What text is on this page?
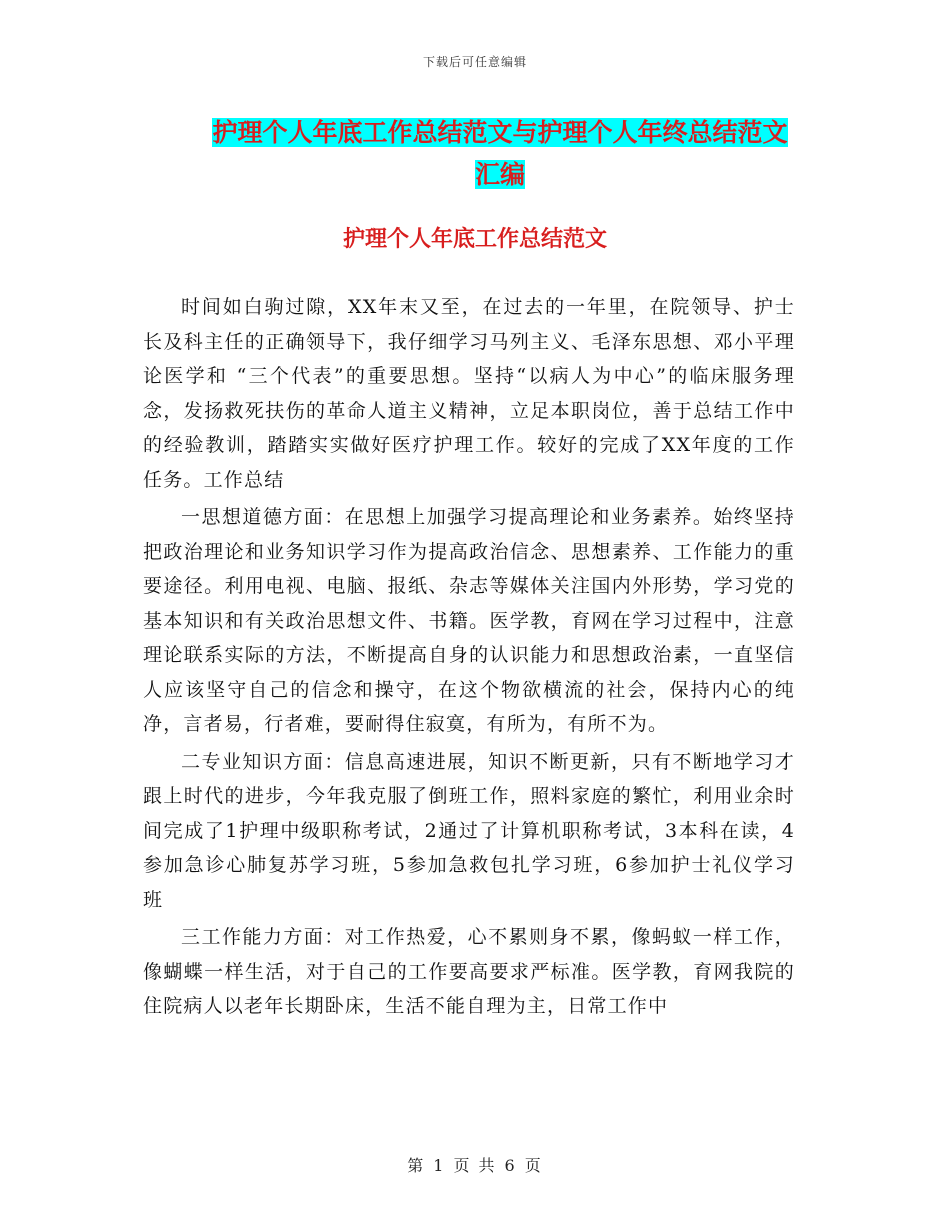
下载后可任意编辑
护理个人年底工作总结范文与护理个人年终总结范文
汇编
护理个人年底工作总结范文

时间如白驹过隙，XX年末又至，在过去的一年里，在院领导、护士长及科主任的正确领导下，我仔细学习马列主义、毛泽东思想、邓小平理论医学和 “三个代表”的重要思想。坚持“以病人为中心”的临床服务理念，发扬救死扶伤的革命人道主义精神，立足本职岗位，善于总结工作中的经验教训，踏踏实实做好医疗护理工作。较好的完成了XX年度的工作任务。工作总结

一思想道德方面：在思想上加强学习提高理论和业务素养。始终坚持把政治理论和业务知识学习作为提高政治信念、思想素养、工作能力的重要途径。利用电视、电脑、报纸、杂志等媒体关注国内外形势，学习党的基本知识和有关政治思想文件、书籍。医学教，育网在学习过程中，注意理论联系实际的方法，不断提高自身的认识能力和思想政治素，一直坚信人应该坚守自己的信念和操守，在这个物欲横流的社会，保持内心的纯净，言者易，行者难，要耐得住寂寞，有所为，有所不为。

二专业知识方面：信息高速进展，知识不断更新，只有不断地学习才跟上时代的进步，今年我克服了倒班工作，照料家庭的繁忙，利用业余时间完成了1护理中级职称考试，2通过了计算机职称考试，3本科在读，4参加急诊心肺复苏学习班，5参加急救包扎学习班，6参加护士礼仪学习班

三工作能力方面：对工作热爱，心不累则身不累，像蚂蚁一样工作，像蝴蝶一样生活，对于自己的工作要高要求严标准。医学教，育网我院的住院病人以老年长期卧床，生活不能自理为主，日常工作中

第 1 页 共 6 页
